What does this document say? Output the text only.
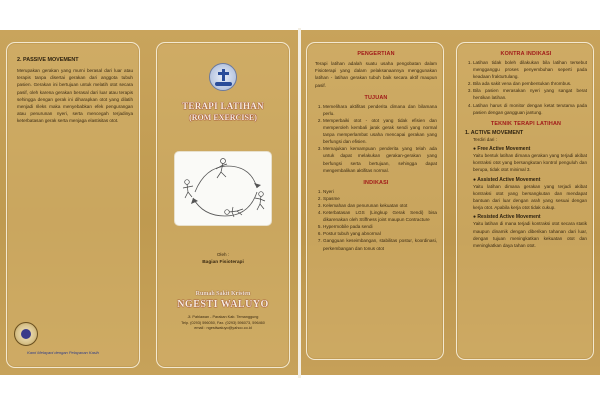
2. PASSIVE MOVEMENT
Merupakan gerakan yang murni berasal dari luar atau terapis tanpa disertai gerakan dari anggota tubuh pasien. Gerakan ini bertujuan untuk melatih otot secara pasif, oleh karena gerakan berasal dari luar atau terapis sehingga dengan gerak ini diharapkan otot yang dilatih menjadi rileks maka menyebabkan efek pengurangan atau penurunan nyeri, serta mencegah terjadinya keterbatasan gerak serta menjaga elastisitas otot.
Kami Melayani dengan Pelayanan Kasih
TERAPI LATIHAN
(ROM EXERCISE)
Oleh :
Bagian Fisioterapi
Rumah Sakit Kristen
NGESTI WALUYO
Jl. Pahlawan - Parakan Kab. Temanggung
Telp. (0293) 596050, Fax. (0293) 596073, 596460
email : ngestiwaluyo@yahoo.co.id
PENGERTIAN
Terapi latihan adalah suatu usaha pengobatan dalam Fisioterapi yang dalam pelaksanaannya menggunakan latihan - latihan gerakan tubuh baik secara aktif maupun pasif.
TUJUAN
1. Memelihara aktifitas penderita dimana dan bilamana perlu.
2. Memperbaiki otot - otot yang tidak efisien dan memperoleh kembali jarak gerak sendi yang normal tanpa memperlambat usaha mencapai gerakan yang berfungsi dan efisien.
3. Memajukan kemampuan penderita yang telah ada untuk dapat melakukan gerakan-gerakan yang berfungsi serta bertujuan, sehingga dapat mengembalikan aktifitas normal.
INDIKASI
1. Nyeri
2. Spasme
3. Kelemahan dan penurunan kekuatan otot
4. Keterbatasan LGS (Lingkup Gerak Sendi) bisa dikarenakan oleh Stiffness joint maupun Contracture
5. Hypermobile pada sendi
6. Postur tubuh yang abnormal
7. Gangguan keseimbangan, stabilitas postur, koordinasi, perkembangan dan tonus otot
KONTRA INDIKASI
1. Latihan tidak boleh dilakukan bila latihan tersebut mengganggu proses penyembuhan seperti pada keadaan frakturtulang.
2. Bila ada sakit vena dan pembentukan thrombus.
3. Bila pasien merasakan nyeri yang sangat berat hentikan latihan.
4. Latihan harus di monitor dengan ketat terutama pada pasien dengan gangguan jantung.
TEKNIK TERAPI LATIHAN
1. ACTIVE MOVEMENT
Terdiri dari :
● Free Active Movement
Yaitu bentuk latihan dimana gerakan yang terjadi akibat kontraksi otot yang bersangkutan kontrol penguluh dan berupa, tidak otot minimal 3.
● Assisted Active Movement
Yaitu latihan dimana gerakan yang terjadi akibat kontraksi otot yang bersangkutan dan mendapat bantuan dari luar dengan arah yang sesuai dengan kerja otot. Apabila kerja otot tidak cukup.
● Resisted Active Movement
Yaitu latihan di mana terjadi kontraksi otot secara statik maupun dinamik dengan diberikan tahanan dari luar, dengan tujuan meningkatkan kekuatan otot dan meningkatkan daya tahan otot.
